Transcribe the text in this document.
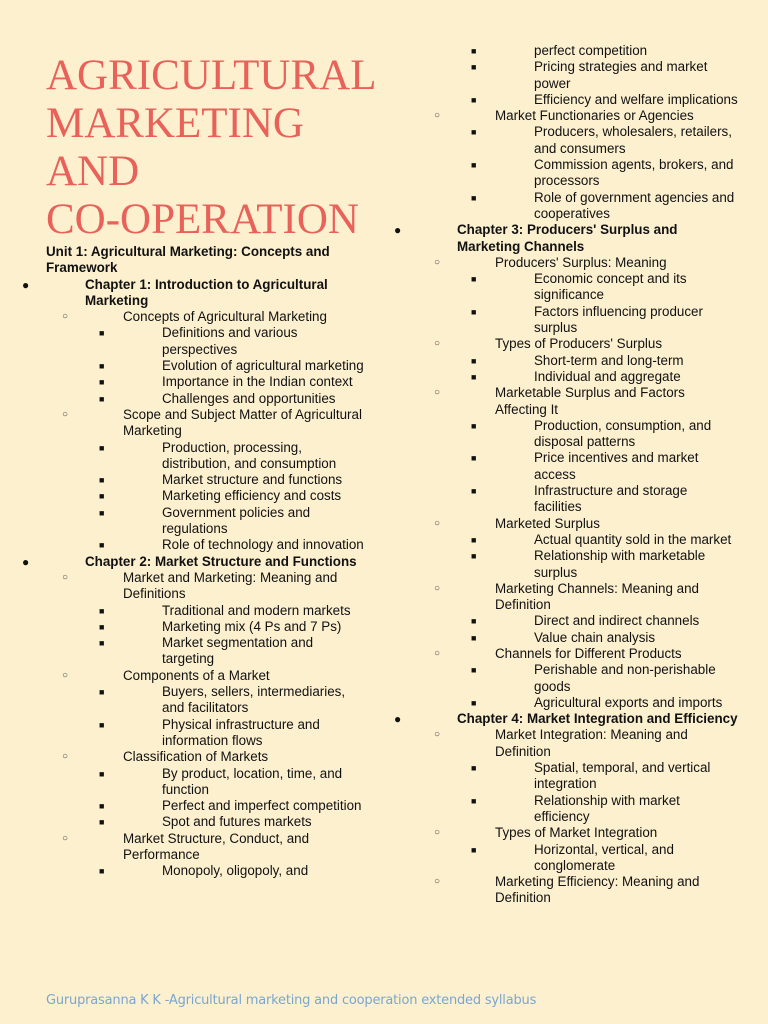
AGRICULTURAL
MARKETING
AND
CO-OPERATION

Unit 1: Agricultural Marketing: Concepts and Framework

●	Chapter 1: Introduction to Agricultural Marketing
○	Concepts of Agricultural Marketing
■	Definitions and various perspectives
■	Evolution of agricultural marketing
■	Importance in the Indian context
■	Challenges and opportunities
○	Scope and Subject Matter of Agricultural Marketing
■	Production, processing, distribution, and consumption
■	Market structure and functions
■	Marketing efficiency and costs
■	Government policies and regulations
■	Role of technology and innovation
●	Chapter 2: Market Structure and Functions
○	Market and Marketing: Meaning and Definitions
■	Traditional and modern markets
■	Marketing mix (4 Ps and 7 Ps)
■	Market segmentation and targeting
○	Components of a Market
■	Buyers, sellers, intermediaries, and facilitators
■	Physical infrastructure and information flows
○	Classification of Markets
■	By product, location, time, and function
■	Perfect and imperfect competition
■	Spot and futures markets
○	Market Structure, Conduct, and Performance
■	Monopoly, oligopoly, and
■	perfect competition
■	Pricing strategies and market power
■	Efficiency and welfare implications
○	Market Functionaries or Agencies
■	Producers, wholesalers, retailers, and consumers
■	Commission agents, brokers, and processors
■	Role of government agencies and cooperatives
●	Chapter 3: Producers' Surplus and Marketing Channels
○	Producers' Surplus: Meaning
■	Economic concept and its significance
■	Factors influencing producer surplus
○	Types of Producers' Surplus
■	Short-term and long-term
■	Individual and aggregate
○	Marketable Surplus and Factors Affecting It
■	Production, consumption, and disposal patterns
■	Price incentives and market access
■	Infrastructure and storage facilities
○	Marketed Surplus
■	Actual quantity sold in the market
■	Relationship with marketable surplus
○	Marketing Channels: Meaning and Definition
■	Direct and indirect channels
■	Value chain analysis
○	Channels for Different Products
■	Perishable and non-perishable goods
■	Agricultural exports and imports
●	Chapter 4: Market Integration and Efficiency
○	Market Integration: Meaning and Definition
■	Spatial, temporal, and vertical integration
■	Relationship with market efficiency
○	Types of Market Integration
■	Horizontal, vertical, and conglomerate
○	Marketing Efficiency: Meaning and Definition
Guruprasanna K K -Agricultural marketing and cooperation extended syllabus
